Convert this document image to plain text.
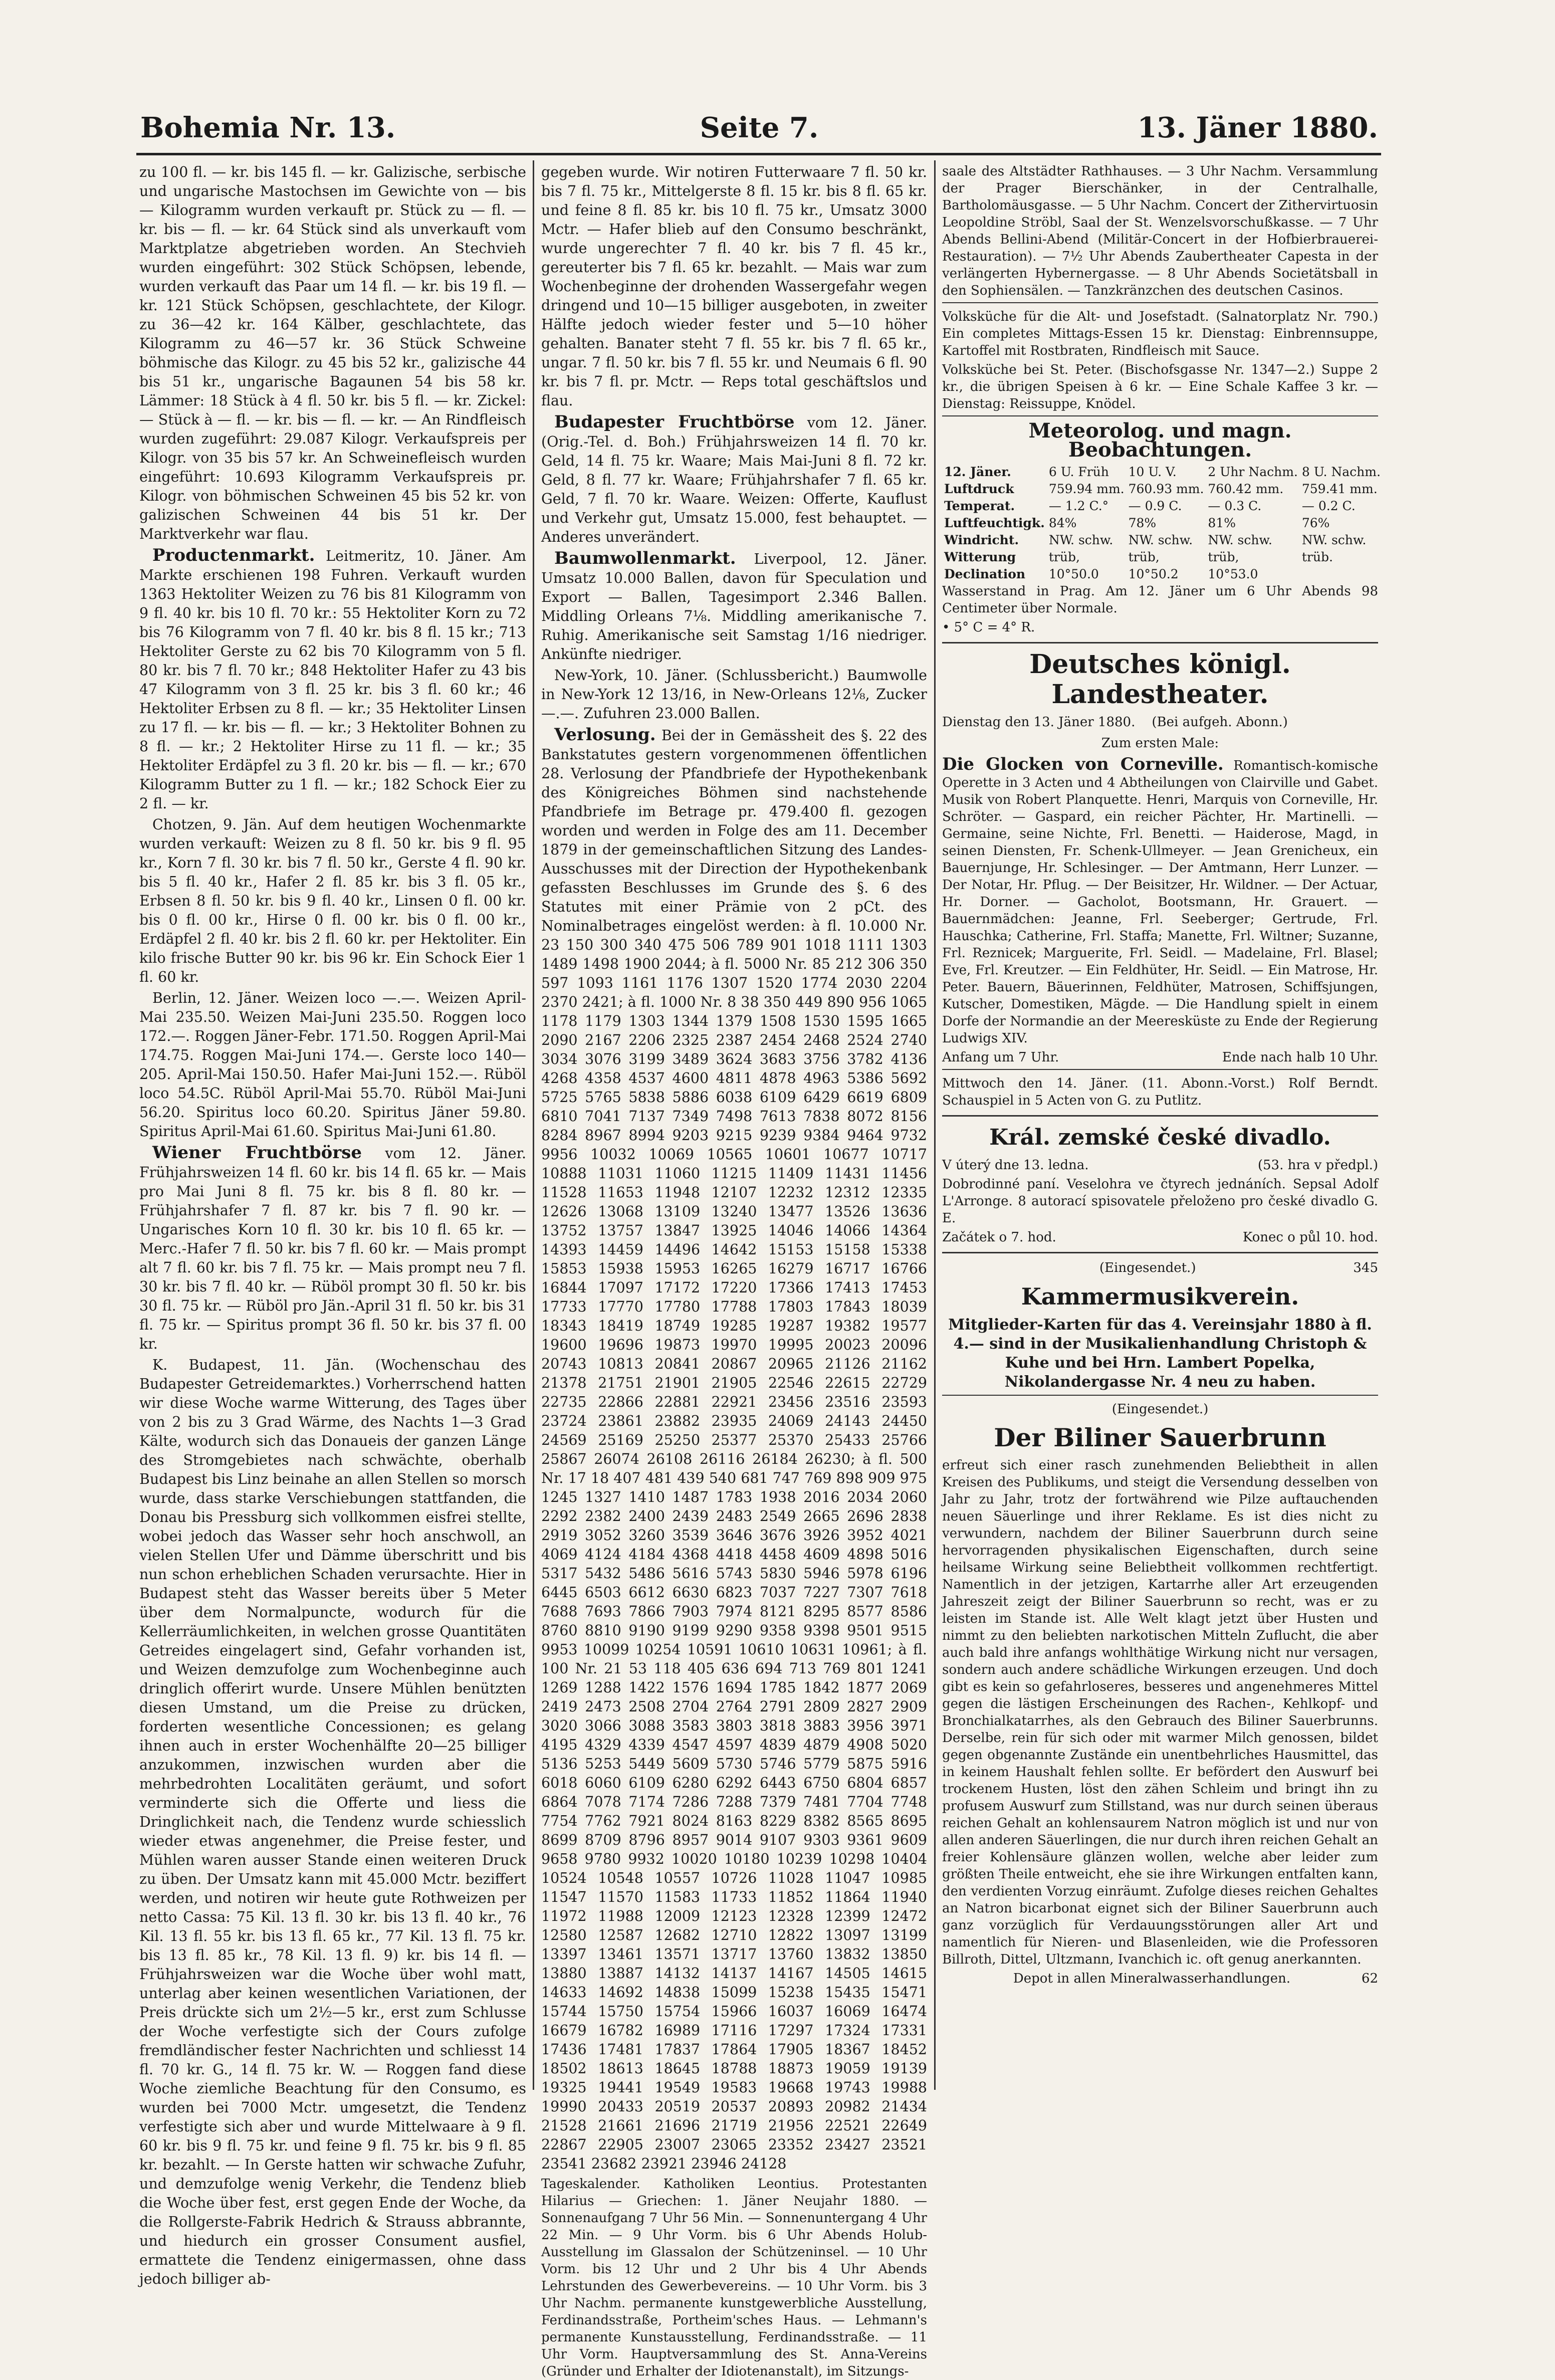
Bohemia Nr. 13.	Seite 7.	13. Jäner 1880.

zu 100 fl. — kr. bis 145 fl. — kr. Galizische, serbische und ungarische Mastochsen im Gewichte von — bis — Kilogramm wurden verkauft pr. Stück zu — fl. — kr. bis — fl. — kr. 64 Stück sind als unverkauft vom Marktplatze abgetrieben worden. An Stechvieh wurden eingeführt: 302 Stück Schöpsen, lebende, wurden verkauft das Paar um 14 fl. — kr. bis 19 fl. — kr. 121 Stück Schöpsen, geschlachtete, der Kilogr. zu 36—42 kr. 164 Kälber, geschlachtete, das Kilogramm zu 46—57 kr. 36 Stück Schweine böhmische das Kilogr. zu 45 bis 52 kr., galizische 44 bis 51 kr., ungarische Bagaunen 54 bis 58 kr. Lämmer: 18 Stück à 4 fl. 50 kr. bis 5 fl. — kr. Zickel: — Stück à — fl. — kr. bis — fl. — kr. — An Rindfleisch wurden zugeführt: 29.087 Kilogr. Verkaufspreis per Kilogr. von 35 bis 57 kr. An Schweinefleisch wurden eingeführt: 10.693 Kilogramm Verkaufspreis pr. Kilogr. von böhmischen Schweinen 45 bis 52 kr. von galizischen Schweinen 44 bis 51 kr. Der Marktverkehr war flau.

Productenmarkt. Leitmeritz, 10. Jäner. Am Markte erschienen 198 Fuhren. Verkauft wurden 1363 Hektoliter Weizen zu 76 bis 81 Kilogramm von 9 fl. 40 kr. bis 10 fl. 70 kr.: 55 Hektoliter Korn zu 72 bis 76 Kilogramm von 7 fl. 40 kr. bis 8 fl. 15 kr.; 713 Hektoliter Gerste zu 62 bis 70 Kilogramm von 5 fl. 80 kr. bis 7 fl. 70 kr.; 848 Hektoliter Hafer zu 43 bis 47 Kilogramm von 3 fl. 25 kr. bis 3 fl. 60 kr.; 46 Hektoliter Erbsen zu 8 fl. — kr.; 35 Hektoliter Linsen zu 17 fl. — kr. bis — fl. — kr.; 3 Hektoliter Bohnen zu 8 fl. — kr.; 2 Hektoliter Hirse zu 11 fl. — kr.; 35 Hektoliter Erdäpfel zu 3 fl. 20 kr. bis — fl. — kr.; 670 Kilogramm Butter zu 1 fl. — kr.; 182 Schock Eier zu 2 fl. — kr.

Chotzen, 9. Jän. Auf dem heutigen Wochenmarkte wurden verkauft: Weizen zu 8 fl. 50 kr. bis 9 fl. 95 kr., Korn 7 fl. 30 kr. bis 7 fl. 50 kr., Gerste 4 fl. 90 kr. bis 5 fl. 40 kr., Hafer 2 fl. 85 kr. bis 3 fl. 05 kr., Erbsen 8 fl. 50 kr. bis 9 fl. 40 kr., Linsen 0 fl. 00 kr. bis 0 fl. 00 kr., Hirse 0 fl. 00 kr. bis 0 fl. 00 kr., Erdäpfel 2 fl. 40 kr. bis 2 fl. 60 kr. per Hektoliter. Ein kilo frische Butter 90 kr. bis 96 kr. Ein Schock Eier 1 fl. 60 kr.

Berlin, 12. Jäner. Weizen loco —.—. Weizen April-Mai 235.50. Weizen Mai-Juni 235.50. Roggen loco 172.—. Roggen Jäner-Febr. 171.50. Roggen April-Mai 174.75. Roggen Mai-Juni 174.—. Gerste loco 140—205. April-Mai 150.50. Hafer Mai-Juni 152.—. Rüböl loco 54.5C. Rüböl April-Mai 55.70. Rüböl Mai-Juni 56.20. Spiritus loco 60.20. Spiritus Jäner 59.80. Spiritus April-Mai 61.60. Spiritus Mai-Juni 61.80.

Wiener Fruchtbörse vom 12. Jäner. Frühjahrsweizen 14 fl. 60 kr. bis 14 fl. 65 kr. — Mais pro Mai Juni 8 fl. 75 kr. bis 8 fl. 80 kr. — Frühjahrshafer 7 fl. 87 kr. bis 7 fl. 90 kr. — Ungarisches Korn 10 fl. 30 kr. bis 10 fl. 65 kr. — Merc.-Hafer 7 fl. 50 kr. bis 7 fl. 60 kr. — Mais prompt alt 7 fl. 60 kr. bis 7 fl. 75 kr. — Mais prompt neu 7 fl. 30 kr. bis 7 fl. 40 kr. — Rüböl prompt 30 fl. 50 kr. bis 30 fl. 75 kr. — Rüböl pro Jän.-April 31 fl. 50 kr. bis 31 fl. 75 kr. — Spiritus prompt 36 fl. 50 kr. bis 37 fl. 00 kr.

K. Budapest, 11. Jän. (Wochenschau des Budapester Getreidemarktes.) Vorherrschend hatten wir diese Woche warme Witterung, des Tages über von 2 bis zu 3 Grad Wärme, des Nachts 1—3 Grad Kälte, wodurch sich das Donaueis der ganzen Länge des Stromgebietes nach schwächte, oberhalb Budapest bis Linz beinahe an allen Stellen so morsch wurde, dass starke Verschiebungen stattfanden, die Donau bis Pressburg sich vollkommen eisfrei stellte, wobei jedoch das Wasser sehr hoch anschwoll, an vielen Stellen Ufer und Dämme überschritt und bis nun schon erheblichen Schaden verursachte. Hier in Budapest steht das Wasser bereits über 5 Meter über dem Normalpuncte, wodurch für die Kellerräumlichkeiten, in welchen grosse Quantitäten Getreides eingelagert sind, Gefahr vorhanden ist, und Weizen demzufolge zum Wochenbeginne auch dringlich offerirt wurde. Unsere Mühlen benützten diesen Umstand, um die Preise zu drücken, forderten wesentliche Concessionen; es gelang ihnen auch in erster Wochenhälfte 20—25 billiger anzukommen, inzwischen wurden aber die mehrbedrohten Localitäten geräumt, und sofort verminderte sich die Offerte und liess die Dringlichkeit nach, die Tendenz wurde schiesslich wieder etwas angenehmer, die Preise fester, und Mühlen waren ausser Stande einen weiteren Druck zu üben. Der Umsatz kann mit 45.000 Mctr. beziffert werden, und notiren wir heute gute Rothweizen per netto Cassa: 75 Kil. 13 fl. 30 kr. bis 13 fl. 40 kr., 76 Kil. 13 fl. 55 kr. bis 13 fl. 65 kr., 77 Kil. 13 fl. 75 kr. bis 13 fl. 85 kr., 78 Kil. 13 fl. 9) kr. bis 14 fl. — Frühjahrsweizen war die Woche über wohl matt, unterlag aber keinen wesentlichen Variationen, der Preis drückte sich um 2½—5 kr., erst zum Schlusse der Woche verfestigte sich der Cours zufolge fremdländischer fester Nachrichten und schliesst 14 fl. 70 kr. G., 14 fl. 75 kr. W. — Roggen fand diese Woche ziemliche Beachtung für den Consumo, es wurden bei 7000 Mctr. umgesetzt, die Tendenz verfestigte sich aber und wurde Mittelwaare à 9 fl. 60 kr. bis 9 fl. 75 kr. und feine 9 fl. 75 kr. bis 9 fl. 85 kr. bezahlt. — In Gerste hatten wir schwache Zufuhr, und demzufolge wenig Verkehr, die Tendenz blieb die Woche über fest, erst gegen Ende der Woche, da die Rollgerste-Fabrik Hedrich & Strauss abbrannte, und hiedurch ein grosser Consument ausfiel, ermattete die Tendenz einigermassen, ohne dass jedoch billiger ab-

gegeben wurde. Wir notiren Futterwaare 7 fl. 50 kr. bis 7 fl. 75 kr., Mittelgerste 8 fl. 15 kr. bis 8 fl. 65 kr. und feine 8 fl. 85 kr. bis 10 fl. 75 kr., Umsatz 3000 Mctr. — Hafer blieb auf den Consumo beschränkt, wurde ungerechter 7 fl. 40 kr. bis 7 fl. 45 kr., gereuterter bis 7 fl. 65 kr. bezahlt. — Mais war zum Wochenbeginne der drohenden Wassergefahr wegen dringend und 10—15 billiger ausgeboten, in zweiter Hälfte jedoch wieder fester und 5—10 höher gehalten. Banater steht 7 fl. 55 kr. bis 7 fl. 65 kr., ungar. 7 fl. 50 kr. bis 7 fl. 55 kr. und Neumais 6 fl. 90 kr. bis 7 fl. pr. Mctr. — Reps total geschäftslos und flau.

Budapester Fruchtbörse vom 12. Jäner. (Orig.-Tel. d. Boh.) Frühjahrsweizen 14 fl. 70 kr. Geld, 14 fl. 75 kr. Waare; Mais Mai-Juni 8 fl. 72 kr. Geld, 8 fl. 77 kr. Waare; Frühjahrshafer 7 fl. 65 kr. Geld, 7 fl. 70 kr. Waare. Weizen: Offerte, Kauflust und Verkehr gut, Umsatz 15.000, fest behauptet. — Anderes unverändert.

Baumwollenmarkt. Liverpool, 12. Jäner. Umsatz 10.000 Ballen, davon für Speculation und Export — Ballen, Tagesimport 2.346 Ballen. Middling Orleans 7⅛. Middling amerikanische 7. Ruhig. Amerikanische seit Samstag 1/16 niedriger. Ankünfte niedriger.

New-York, 10. Jäner. (Schlussbericht.) Baumwolle in New-York 12 13/16, in New-Orleans 12⅛, Zucker —.—. Zufuhren 23.000 Ballen.

Verlosung. Bei der in Gemässheit des §. 22 des Bankstatutes gestern vorgenommenen öffentlichen 28. Verlosung der Pfandbriefe der Hypothekenbank des Königreiches Böhmen sind nachstehende Pfandbriefe im Betrage pr. 479.400 fl. gezogen worden und werden in Folge des am 11. December 1879 in der gemeinschaftlichen Sitzung des Landes-Ausschusses mit der Direction der Hypothekenbank gefassten Beschlusses im Grunde des §. 6 des Statutes mit einer Prämie von 2 pCt. des Nominalbetrages eingelöst werden: à fl. 10.000 Nr. 23 150 300 340 475 506 789 901 1018 1111 1303 1489 1498 1900 2044; à fl. 5000 Nr. 85 212 306 350 597 1093 1161 1176 1307 1520 1774 2030 2204 2370 2421; à fl. 1000 Nr. 8 38 350 449 890 956 1065 1178 1179 1303 1344 1379 1508 1530 1595 1665 2090 2167 2206 2325 2387 2454 2468 2524 2740 3034 3076 3199 3489 3624 3683 3756 3782 4136 4268 4358 4537 4600 4811 4878 4963 5386 5692 5725 5765 5838 5886 6038 6109 6429 6619 6809 6810 7041 7137 7349 7498 7613 7838 8072 8156 8284 8967 8994 9203 9215 9239 9384 9464 9732 9956 10032 10069 10565 10601 10677 10717 10888 11031 11060 11215 11409 11431 11456 11528 11653 11948 12107 12232 12312 12335 12626 13068 13109 13240 13477 13526 13636 13752 13757 13847 13925 14046 14066 14364 14393 14459 14496 14642 15153 15158 15338 15853 15938 15953 16265 16279 16717 16766 16844 17097 17172 17220 17366 17413 17453 17733 17770 17780 17788 17803 17843 18039 18343 18419 18749 19285 19287 19382 19577 19600 19696 19873 19970 19995 20023 20096 20743 10813 20841 20867 20965 21126 21162 21378 21751 21901 21905 22546 22615 22729 22735 22866 22881 22921 23456 23516 23593 23724 23861 23882 23935 24069 24143 24450 24569 25169 25250 25377 25370 25433 25766 25867 26074 26108 26116 26184 26230; à fl. 500 Nr. 17 18 407 481 439 540 681 747 769 898 909 975 1245 1327 1410 1487 1783 1938 2016 2034 2060 2292 2382 2400 2439 2483 2549 2665 2696 2838 2919 3052 3260 3539 3646 3676 3926 3952 4021 4069 4124 4184 4368 4418 4458 4609 4898 5016 5317 5432 5486 5616 5743 5830 5946 5978 6196 6445 6503 6612 6630 6823 7037 7227 7307 7618 7688 7693 7866 7903 7974 8121 8295 8577 8586 8760 8810 9190 9199 9290 9358 9398 9501 9515 9953 10099 10254 10591 10610 10631 10961; à fl. 100 Nr. 21 53 118 405 636 694 713 769 801 1241 1269 1288 1422 1576 1694 1785 1842 1877 2069 2419 2473 2508 2704 2764 2791 2809 2827 2909 3020 3066 3088 3583 3803 3818 3883 3956 3971 4195 4329 4339 4547 4597 4839 4879 4908 5020 5136 5253 5449 5609 5730 5746 5779 5875 5916 6018 6060 6109 6280 6292 6443 6750 6804 6857 6864 7078 7174 7286 7288 7379 7481 7704 7748 7754 7762 7921 8024 8163 8229 8382 8565 8695 8699 8709 8796 8957 9014 9107 9303 9361 9609 9658 9780 9932 10020 10180 10239 10298 10404 10524 10548 10557 10726 11028 11047 10985 11547 11570 11583 11733 11852 11864 11940 11972 11988 12009 12123 12328 12399 12472 12580 12587 12682 12710 12822 13097 13199 13397 13461 13571 13717 13760 13832 13850 13880 13887 14132 14137 14167 14505 14615 14633 14692 14838 15099 15238 15435 15471 15744 15750 15754 15966 16037 16069 16474 16679 16782 16989 17116 17297 17324 17331 17436 17481 17837 17864 17905 18367 18452 18502 18613 18645 18788 18873 19059 19139 19325 19441 19549 19583 19668 19743 19988 19990 20433 20519 20537 20893 20982 21434 21528 21661 21696 21719 21956 22521 22649 22867 22905 23007 23065 23352 23427 23521 23541 23682 23921 23946 24128

Tageskalender. Katholiken Leontius. Protestanten Hilarius — Griechen: 1. Jäner Neujahr 1880. — Sonnenaufgang 7 Uhr 56 Min. — Sonnenuntergang 4 Uhr 22 Min. — 9 Uhr Vorm. bis 6 Uhr Abends Holub-Ausstellung im Glassalon der Schützeninsel. — 10 Uhr Vorm. bis 12 Uhr und 2 Uhr bis 4 Uhr Abends Lehrstunden des Gewerbevereins. — 10 Uhr Vorm. bis 3 Uhr Nachm. permanente kunstgewerbliche Ausstellung, Ferdinandsstraße, Portheim'sches Haus. — Lehmann's permanente Kunstausstellung, Ferdinandsstraße. — 11 Uhr Vorm. Hauptversammlung des St. Anna-Vereins (Gründer und Erhalter der Idiotenanstalt), im Sitzungs-

saale des Altstädter Rathhauses. — 3 Uhr Nachm. Versammlung der Prager Bierschänker, in der Centralhalle, Bartholomäusgasse. — 5 Uhr Nachm. Concert der Zithervirtuosin Leopoldine Ströbl, Saal der St. Wenzelsvorschußkasse. — 7 Uhr Abends Bellini-Abend (Militär-Concert in der Hofbierbrauerei-Restauration). — 7½ Uhr Abends Zaubertheater Capesta in der verlängerten Hybernergasse. — 8 Uhr Abends Societätsball in den Sophiensälen. — Tanzkränzchen des deutschen Casinos.

Volksküche für die Alt- und Josefstadt. (Salnatorplatz Nr. 790.) Ein completes Mittags-Essen 15 kr. Dienstag: Einbrennsuppe, Kartoffel mit Rostbraten, Rindfleisch mit Sauce.

Volksküche bei St. Peter. (Bischofsgasse Nr. 1347—2.) Suppe 2 kr., die übrigen Speisen à 6 kr. — Eine Schale Kaffee 3 kr. — Dienstag: Reissuppe, Knödel.

Meteorolog. und magn. Beobachtungen.
12. Jäner.	6 U. Früh	10 U. V.	2 Uhr Nachm.	8 U. Nachm.
Luftdruck	759.94 mm.	760.93 mm.	760.42 mm.	759.41 mm.
Temperat.	— 1.2 C.°	— 0.9 C.	— 0.3 C.	— 0.2 C.
Luftfeuchtigk.	84%	78%	81%	76%
Windricht.	NW. schw.	NW. schw.	NW. schw.	NW. schw.
Witterung	trüb,	trüb,	trüb,	trüb.
Declination	10°50.0	10°50.2	10°53.0	

Wasserstand in Prag. Am 12. Jäner um 6 Uhr Abends 98 Centimeter über Normale.

• 5° C = 4° R.

Deutsches königl. Landestheater.

Dienstag den 13. Jäner 1880. (Bei aufgeh. Abonn.)

Zum ersten Male:

Die Glocken von Corneville. Romantisch-komische Operette in 3 Acten und 4 Abtheilungen von Clairville und Gabet. Musik von Robert Planquette. Henri, Marquis von Corneville, Hr. Schröter. — Gaspard, ein reicher Pächter, Hr. Martinelli. — Germaine, seine Nichte, Frl. Benetti. — Haiderose, Magd, in seinen Diensten, Fr. Schenk-Ullmeyer. — Jean Grenicheux, ein Bauernjunge, Hr. Schlesinger. — Der Amtmann, Herr Lunzer. — Der Notar, Hr. Pflug. — Der Beisitzer, Hr. Wildner. — Der Actuar, Hr. Dorner. — Gacholot, Bootsmann, Hr. Grauert. — Bauernmädchen: Jeanne, Frl. Seeberger; Gertrude, Frl. Hauschka; Catherine, Frl. Staffa; Manette, Frl. Wiltner; Suzanne, Frl. Reznicek; Marguerite, Frl. Seidl. — Madelaine, Frl. Blasel; Eve, Frl. Kreutzer. — Ein Feldhüter, Hr. Seidl. — Ein Matrose, Hr. Peter. Bauern, Bäuerinnen, Feldhüter, Matrosen, Schiffsjungen, Kutscher, Domestiken, Mägde. — Die Handlung spielt in einem Dorfe der Normandie an der Meeresküste zu Ende der Regierung Ludwigs XIV.

Anfang um 7 Uhr.	Ende nach halb 10 Uhr.

Mittwoch den 14. Jäner. (11. Abonn.-Vorst.) Rolf Berndt. Schauspiel in 5 Acten von G. zu Putlitz.

Král. zemské české divadlo.

V úterý dne 13. ledna.	(53. hra v předpl.)

Dobrodinné paní. Veselohra ve čtyrech jednáních. Sepsal Adolf L'Arronge. 8 autorací spisovatele přeloženo pro české divadlo G. E.

Začátek o 7. hod.	Konec o půl 10. hod.

(Eingesendet.)	345

Kammermusikverein.

Mitglieder-Karten für das 4. Vereinsjahr 1880 à fl. 4.— sind in der Musikalienhandlung Christoph & Kuhe und bei Hrn. Lambert Popelka, Nikolandergasse Nr. 4 neu zu haben.

(Eingesendet.)
Der Biliner Sauerbrunn

erfreut sich einer rasch zunehmenden Beliebtheit in allen Kreisen des Publikums, und steigt die Versendung desselben von Jahr zu Jahr, trotz der fortwährend wie Pilze auftauchenden neuen Säuerlinge und ihrer Reklame. Es ist dies nicht zu verwundern, nachdem der Biliner Sauerbrunn durch seine hervorragenden physikalischen Eigenschaften, durch seine heilsame Wirkung seine Beliebtheit vollkommen rechtfertigt. Namentlich in der jetzigen, Kartarrhe aller Art erzeugenden Jahreszeit zeigt der Biliner Sauerbrunn so recht, was er zu leisten im Stande ist. Alle Welt klagt jetzt über Husten und nimmt zu den beliebten narkotischen Mitteln Zuflucht, die aber auch bald ihre anfangs wohlthätige Wirkung nicht nur versagen, sondern auch andere schädliche Wirkungen erzeugen. Und doch gibt es kein so gefahrloseres, besseres und angenehmeres Mittel gegen die lästigen Erscheinungen des Rachen-, Kehlkopf- und Bronchialkatarrhes, als den Gebrauch des Biliner Sauerbrunns. Derselbe, rein für sich oder mit warmer Milch genossen, bildet gegen obgenannte Zustände ein unentbehrliches Hausmittel, das in keinem Haushalt fehlen sollte. Er befördert den Auswurf bei trockenem Husten, löst den zähen Schleim und bringt ihn zu profusem Auswurf zum Stillstand, was nur durch seinen überaus reichen Gehalt an kohlensaurem Natron möglich ist und nur von allen anderen Säuerlingen, die nur durch ihren reichen Gehalt an freier Kohlensäure glänzen wollen, welche aber leider zum größten Theile entweicht, ehe sie ihre Wirkungen entfalten kann, den verdienten Vorzug einräumt. Zufolge dieses reichen Gehaltes an Natron bicarbonat eignet sich der Biliner Sauerbrunn auch ganz vorzüglich für Verdauungsstörungen aller Art und namentlich für Nieren- und Blasenleiden, wie die Professoren Billroth, Dittel, Ultzmann, Ivanchich ic. oft genug anerkannten.

Depot in allen Mineralwasserhandlungen.	62
